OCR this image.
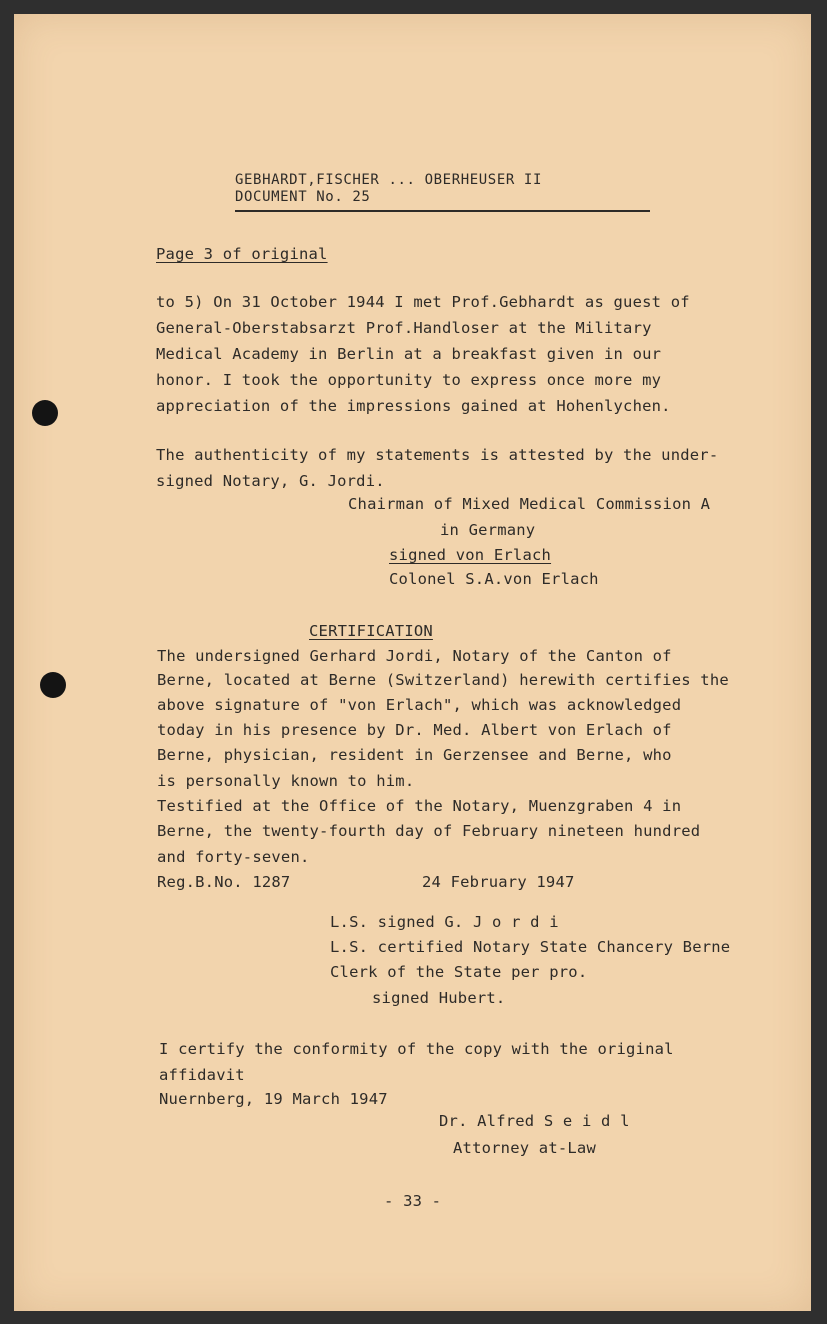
GEBHARDT,FISCHER ... OBERHEUSER II
DOCUMENT No. 25
Page 3 of original
to 5) On 31 October 1944 I met Prof.Gebhardt as guest of
General-Oberstabsarzt Prof.Handloser at the Military
Medical Academy in Berlin at a breakfast given in our
honor. I took the opportunity to express once more my
appreciation of the impressions gained at Hohenlychen.
The authenticity of my statements is attested by the under-
signed Notary, G. Jordi.
Chairman of Mixed Medical Commission A
in Germany
signed von Erlach
Colonel S.A.von Erlach
CERTIFICATION
The undersigned Gerhard Jordi, Notary of the Canton of
Berne, located at Berne (Switzerland) herewith certifies the
above signature of "von Erlach", which was acknowledged
today in his presence by Dr. Med. Albert von Erlach of
Berne, physician, resident in Gerzensee and Berne, who
is personally known to him.
Testified at the Office of the Notary, Muenzgraben 4 in
Berne, the twenty-fourth day of February nineteen hundred
and forty-seven.
Reg.B.No. 1287	24 February 1947
L.S. signed G. J o r d i
L.S. certified Notary State Chancery Berne
Clerk of the State per pro.
signed Hubert.
I certify the conformity of the copy with the original
affidavit
Nuernberg, 19 March 1947
Dr. Alfred S e i d l
Attorney at-Law
- 33 -
